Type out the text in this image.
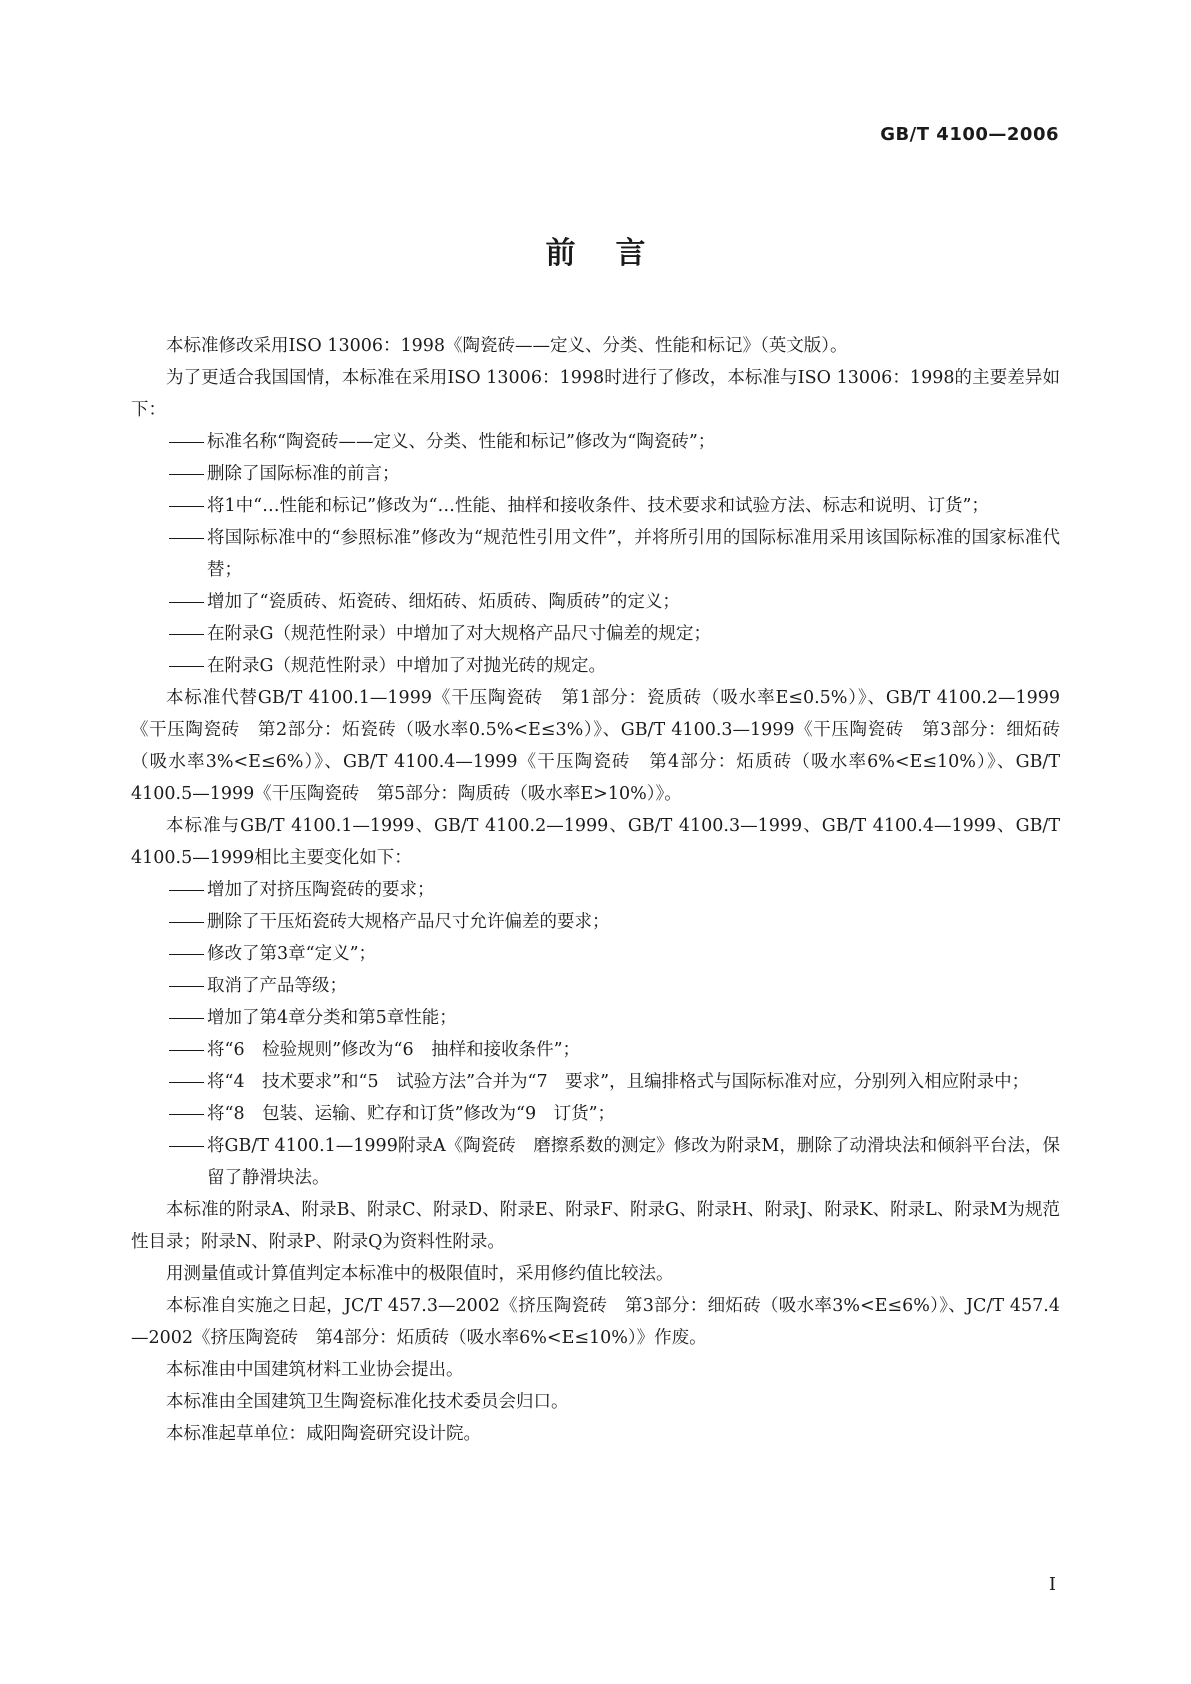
GB/T 4100—2006
前言
本标准修改采用ISO 13006：1998《陶瓷砖——定义、分类、性能和标记》（英文版）。
为了更适合我国国情，本标准在采用ISO 13006：1998时进行了修改，本标准与ISO 13006：1998的主要差异如下：
标准名称“陶瓷砖——定义、分类、性能和标记”修改为“陶瓷砖”；
删除了国际标准的前言；
将1中“…性能和标记”修改为“…性能、抽样和接收条件、技术要求和试验方法、标志和说明、订货”；
将国际标准中的“参照标准”修改为“规范性引用文件”，并将所引用的国际标准用采用该国际标准的国家标准代替；
增加了“瓷质砖、炻瓷砖、细炻砖、炻质砖、陶质砖”的定义；
在附录G（规范性附录）中增加了对大规格产品尺寸偏差的规定；
在附录G（规范性附录）中增加了对抛光砖的规定。
本标准代替GB/T 4100.1—1999《干压陶瓷砖　第1部分：瓷质砖（吸水率E≤0.5%）》、GB/T 4100.2—1999《干压陶瓷砖　第2部分：炻瓷砖（吸水率0.5%<E≤3%）》、GB/T 4100.3—1999《干压陶瓷砖　第3部分：细炻砖（吸水率3%<E≤6%）》、GB/T 4100.4—1999《干压陶瓷砖　第4部分：炻质砖（吸水率6%<E≤10%）》、GB/T 4100.5—1999《干压陶瓷砖　第5部分：陶质砖（吸水率E>10%）》。
本标准与GB/T 4100.1—1999、GB/T 4100.2—1999、GB/T 4100.3—1999、GB/T 4100.4—1999、GB/T 4100.5—1999相比主要变化如下：
增加了对挤压陶瓷砖的要求；
删除了干压炻瓷砖大规格产品尺寸允许偏差的要求；
修改了第3章“定义”；
取消了产品等级；
增加了第4章分类和第5章性能；
将“6　检验规则”修改为“6　抽样和接收条件”；
将“4　技术要求”和“5　试验方法”合并为“7　要求”，且编排格式与国际标准对应，分别列入相应附录中；
将“8　包装、运输、贮存和订货”修改为“9　订货”；
将GB/T 4100.1—1999附录A《陶瓷砖　磨擦系数的测定》修改为附录M，删除了动滑块法和倾斜平台法，保留了静滑块法。
本标准的附录A、附录B、附录C、附录D、附录E、附录F、附录G、附录H、附录J、附录K、附录L、附录M为规范性目录；附录N、附录P、附录Q为资料性附录。
用测量值或计算值判定本标准中的极限值时，采用修约值比较法。
本标准自实施之日起，JC/T 457.3—2002《挤压陶瓷砖　第3部分：细炻砖（吸水率3%<E≤6%）》、JC/T 457.4—2002《挤压陶瓷砖　第4部分：炻质砖（吸水率6%<E≤10%）》作废。
本标准由中国建筑材料工业协会提出。
本标准由全国建筑卫生陶瓷标准化技术委员会归口。
本标准起草单位：咸阳陶瓷研究设计院。
I
